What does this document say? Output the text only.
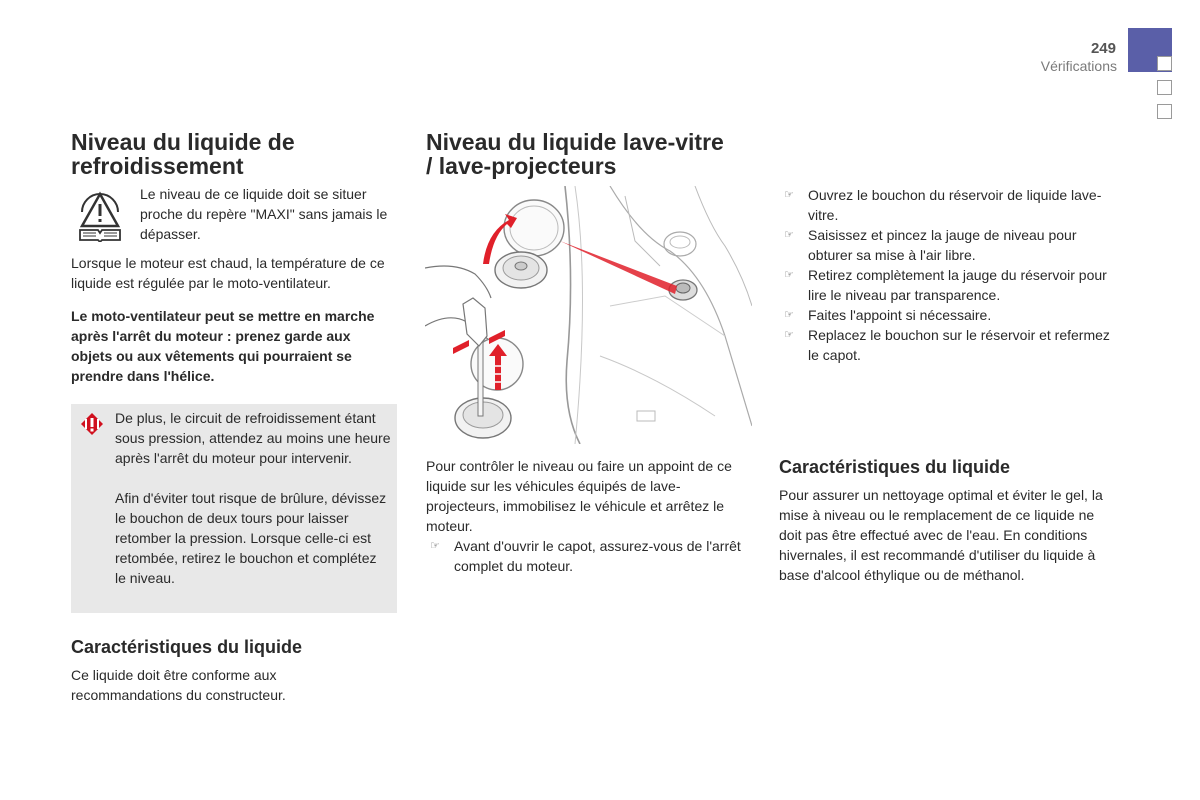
249
Vérifications
Niveau du liquide de refroidissement

Le niveau de ce liquide doit se situer proche du repère "MAXI" sans jamais le dépasser.

Lorsque le moteur est chaud, la température de ce liquide est régulée par le moto-ventilateur.

Le moto-ventilateur peut se mettre en marche après l'arrêt du moteur : prenez garde aux objets ou aux vêtements qui pourraient se prendre dans l'hélice.

De plus, le circuit de refroidissement étant sous pression, attendez au moins une heure après l'arrêt du moteur pour intervenir.

Afin d'éviter tout risque de brûlure, dévissez le bouchon de deux tours pour laisser retomber la pression. Lorsque celle-ci est retombée, retirez le bouchon et complétez le niveau.

Caractéristiques du liquide

Ce liquide doit être conforme aux recommandations du constructeur.

Niveau du liquide lave-vitre / lave-projecteurs

Pour contrôler le niveau ou faire un appoint de ce liquide sur les véhicules équipés de lave-projecteurs, immobilisez le véhicule et arrêtez le moteur.

☞ Avant d'ouvrir le capot, assurez-vous de l'arrêt complet du moteur.
☞ Ouvrez le bouchon du réservoir de liquide lave-vitre.
☞ Saisissez et pincez la jauge de niveau pour obturer sa mise à l'air libre.
☞ Retirez complètement la jauge du réservoir pour lire le niveau par transparence.
☞ Faites l'appoint si nécessaire.
☞ Replacez le bouchon sur le réservoir et refermez le capot.
Caractéristiques du liquide

Pour assurer un nettoyage optimal et éviter le gel, la mise à niveau ou le remplacement de ce liquide ne doit pas être effectué avec de l'eau. En conditions hivernales, il est recommandé d'utiliser du liquide à base d'alcool éthylique ou de méthanol.
